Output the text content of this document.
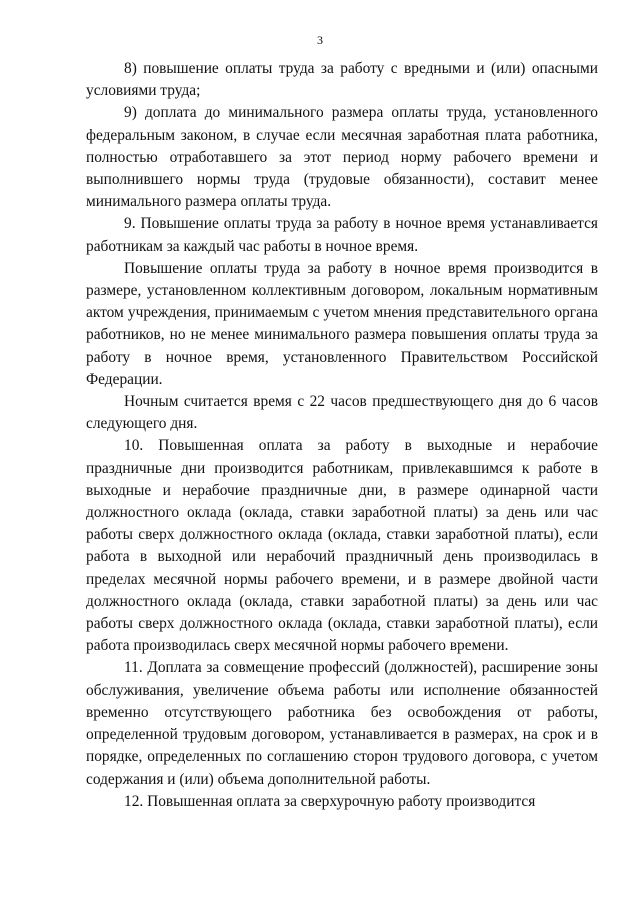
3

8) повышение оплаты труда за работу с вредными и (или) опасными условиями труда;

9) доплата до минимального размера оплаты труда, установленного федеральным законом, в случае если месячная заработная плата работника, полностью отработавшего за этот период норму рабочего времени и выполнившего нормы труда (трудовые обязанности), составит менее минимального размера оплаты труда.

9. Повышение оплаты труда за работу в ночное время устанавливается работникам за каждый час работы в ночное время.

Повышение оплаты труда за работу в ночное время производится в размере, установленном коллективным договором, локальным нормативным актом учреждения, принимаемым с учетом мнения представительного органа работников, но не менее минимального размера повышения оплаты труда за работу в ночное время, установленного Правительством Российской Федерации.

Ночным считается время с 22 часов предшествующего дня до 6 часов следующего дня.

10. Повышенная оплата за работу в выходные и нерабочие праздничные дни производится работникам, привлекавшимся к работе в выходные и нерабочие праздничные дни, в размере одинарной части должностного оклада (оклада, ставки заработной платы) за день или час работы сверх должностного оклада (оклада, ставки заработной платы), если работа в выходной или нерабочий праздничный день производилась в пределах месячной нормы рабочего времени, и в размере двойной части должностного оклада (оклада, ставки заработной платы) за день или час работы сверх должностного оклада (оклада, ставки заработной платы), если работа производилась сверх месячной нормы рабочего времени.

11. Доплата за совмещение профессий (должностей), расширение зоны обслуживания, увеличение объема работы или исполнение обязанностей временно отсутствующего работника без освобождения от работы, определенной трудовым договором, устанавливается в размерах, на срок и в порядке, определенных по соглашению сторон трудового договора, с учетом содержания и (или) объема дополнительной работы.

12. Повышенная оплата за сверхурочную работу производится
